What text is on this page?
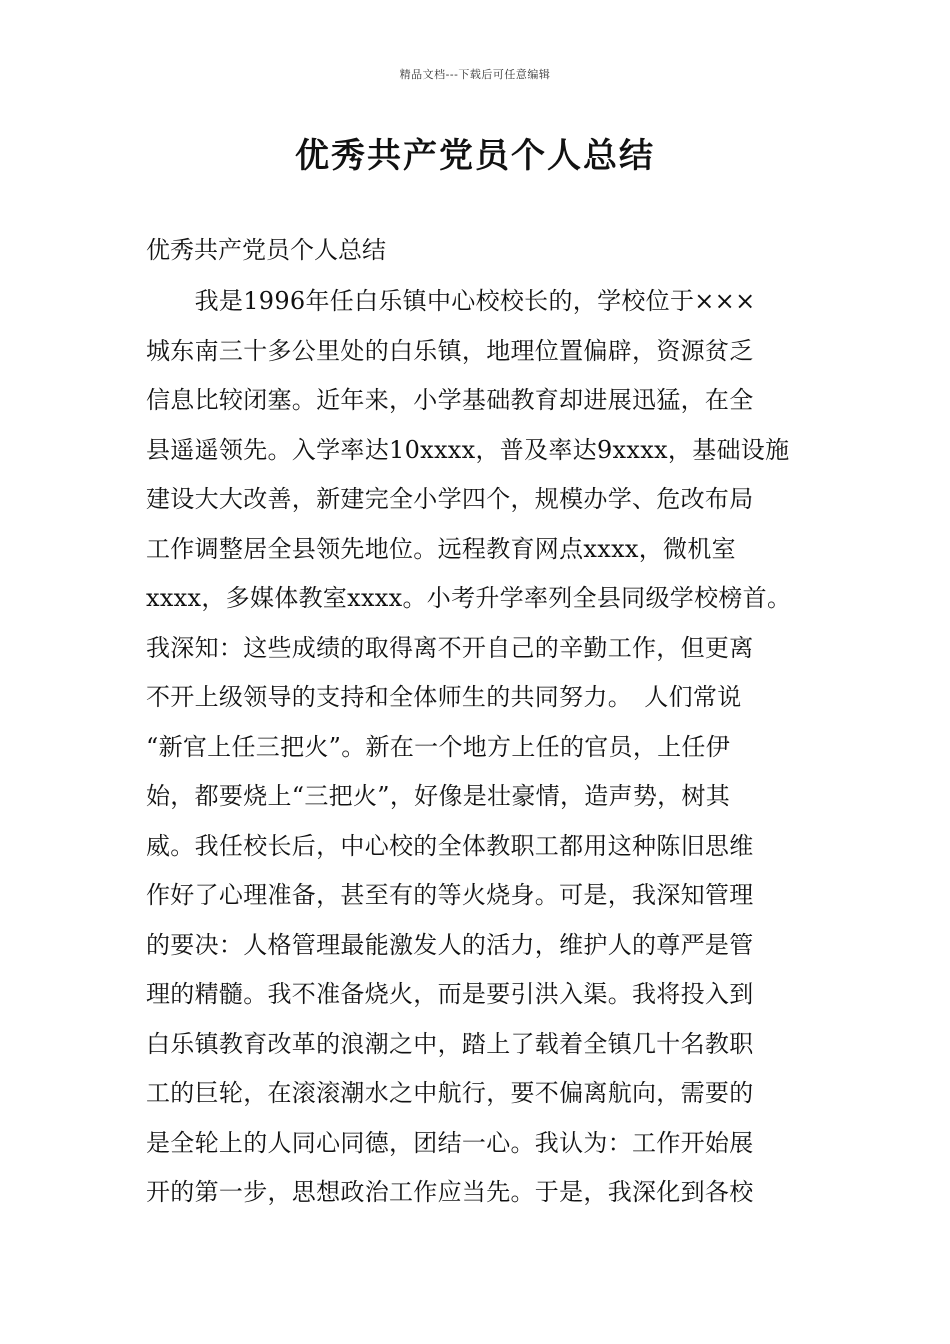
精品文档---下载后可任意编辑
优秀共产党员个人总结

优秀共产党员个人总结

　　我是1996年任白乐镇中心校校长的，学校位于×××
城东南三十多公里处的白乐镇，地理位置偏辟，资源贫乏
信息比较闭塞。近年来，小学基础教育却进展迅猛，在全
县遥遥领先。入学率达10xxxx，普及率达9xxxx，基础设施
建设大大改善，新建完全小学四个，规模办学、危改布局
工作调整居全县领先地位。远程教育网点xxxx，微机室
xxxx，多媒体教室xxxx。小考升学率列全县同级学校榜首。
我深知：这些成绩的取得离不开自己的辛勤工作，但更离
不开上级领导的支持和全体师生的共同努力。　人们常说
“新官上任三把火”。新在一个地方上任的官员，上任伊
始，都要烧上“三把火”，好像是壮豪情，造声势，树其
威。我任校长后，中心校的全体教职工都用这种陈旧思维
作好了心理准备，甚至有的等火烧身。可是，我深知管理
的要决：人格管理最能激发人的活力，维护人的尊严是管
理的精髓。我不准备烧火，而是要引洪入渠。我将投入到
白乐镇教育改革的浪潮之中，踏上了载着全镇几十名教职
工的巨轮，在滚滚潮水之中航行，要不偏离航向，需要的
是全轮上的人同心同德，团结一心。我认为：工作开始展
开的第一步，思想政治工作应当先。于是，我深化到各校
